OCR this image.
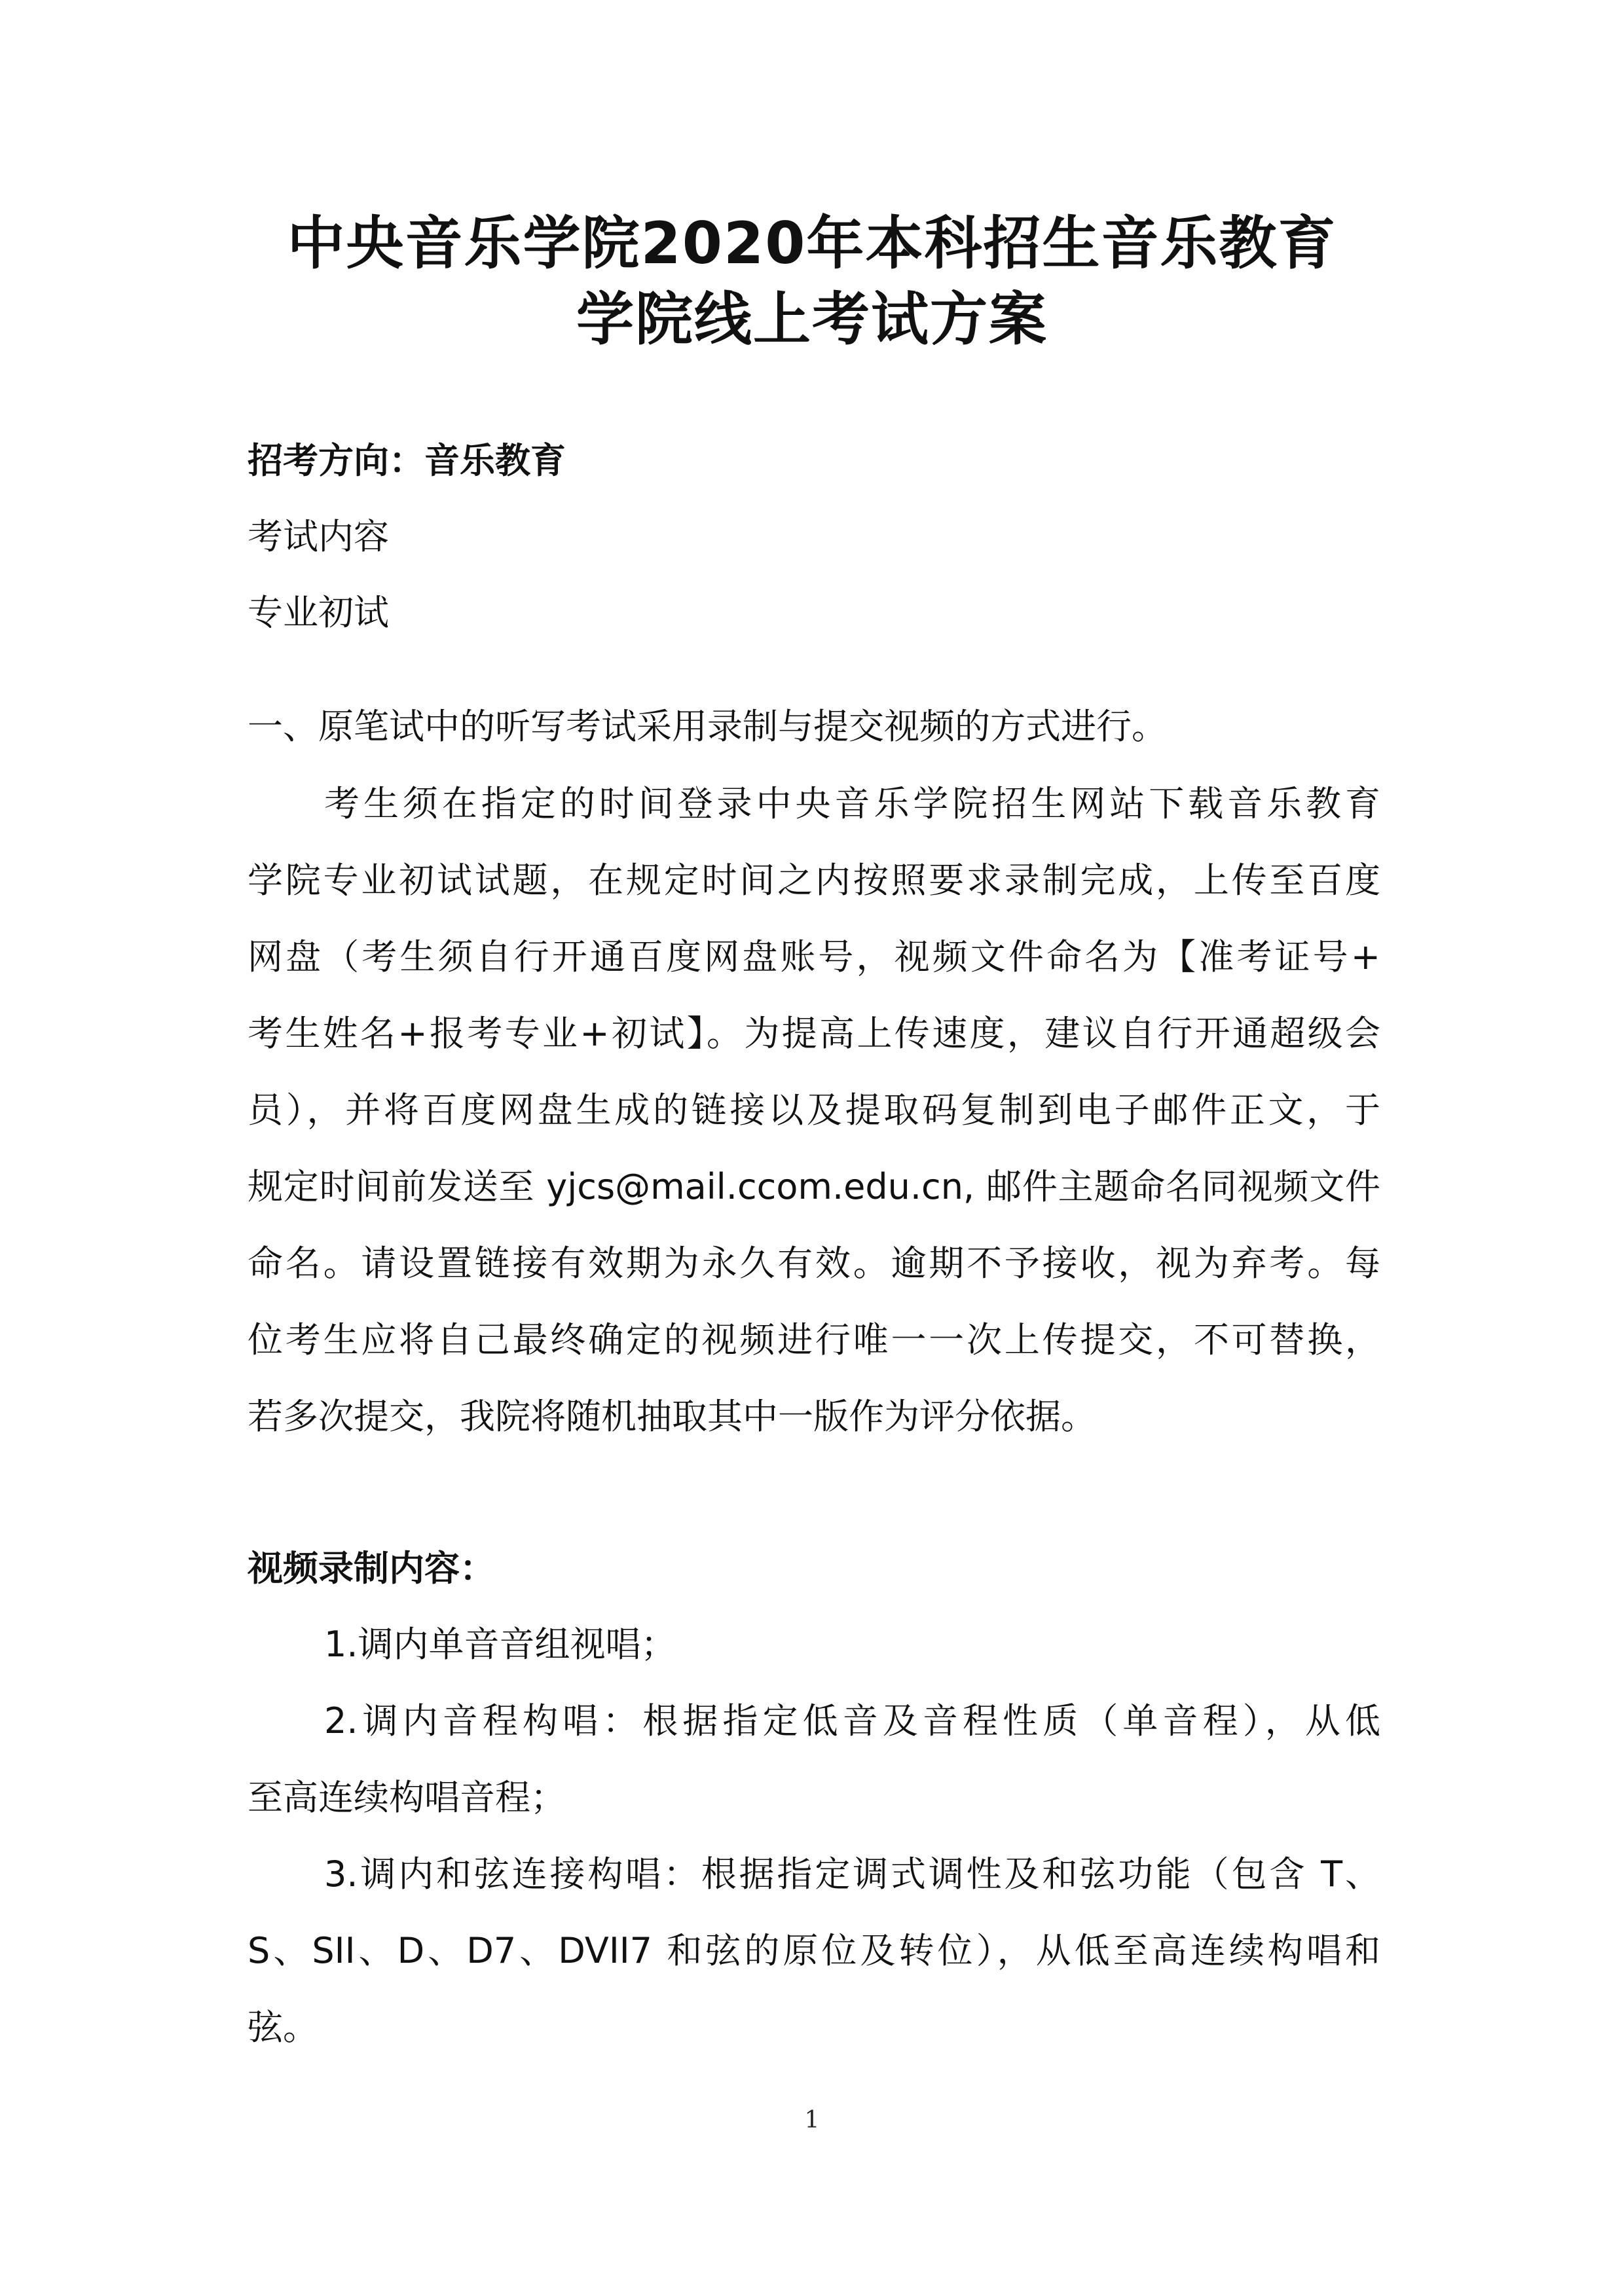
中央音乐学院2020年本科招生音乐教育
学院线上考试方案

招考方向：音乐教育

考试内容

专业初试

一、原笔试中的听写考试采用录制与提交视频的方式进行。

考生须在指定的时间登录中央音乐学院招生网站下载音乐教育

学院专业初试试题，在规定时间之内按照要求录制完成，上传至百度

网盘（考生须自行开通百度网盘账号，视频文件命名为【准考证号+

考生姓名+报考专业+初试】。为提高上传速度，建议自行开通超级会

员），并将百度网盘生成的链接以及提取码复制到电子邮件正文，于

规定时间前发送至 yjcs@mail.ccom.edu.cn, 邮件主题命名同视频文件

命名。请设置链接有效期为永久有效。逾期不予接收，视为弃考。每

位考生应将自己最终确定的视频进行唯一一次上传提交，不可替换，

若多次提交，我院将随机抽取其中一版作为评分依据。

视频录制内容：

1.调内单音音组视唱；

2.调内音程构唱：根据指定低音及音程性质（单音程），从低

至高连续构唱音程；

3.调内和弦连接构唱：根据指定调式调性及和弦功能（包含 T、

S、SII、D、D7、DVII7 和弦的原位及转位），从低至高连续构唱和

弦。

1
